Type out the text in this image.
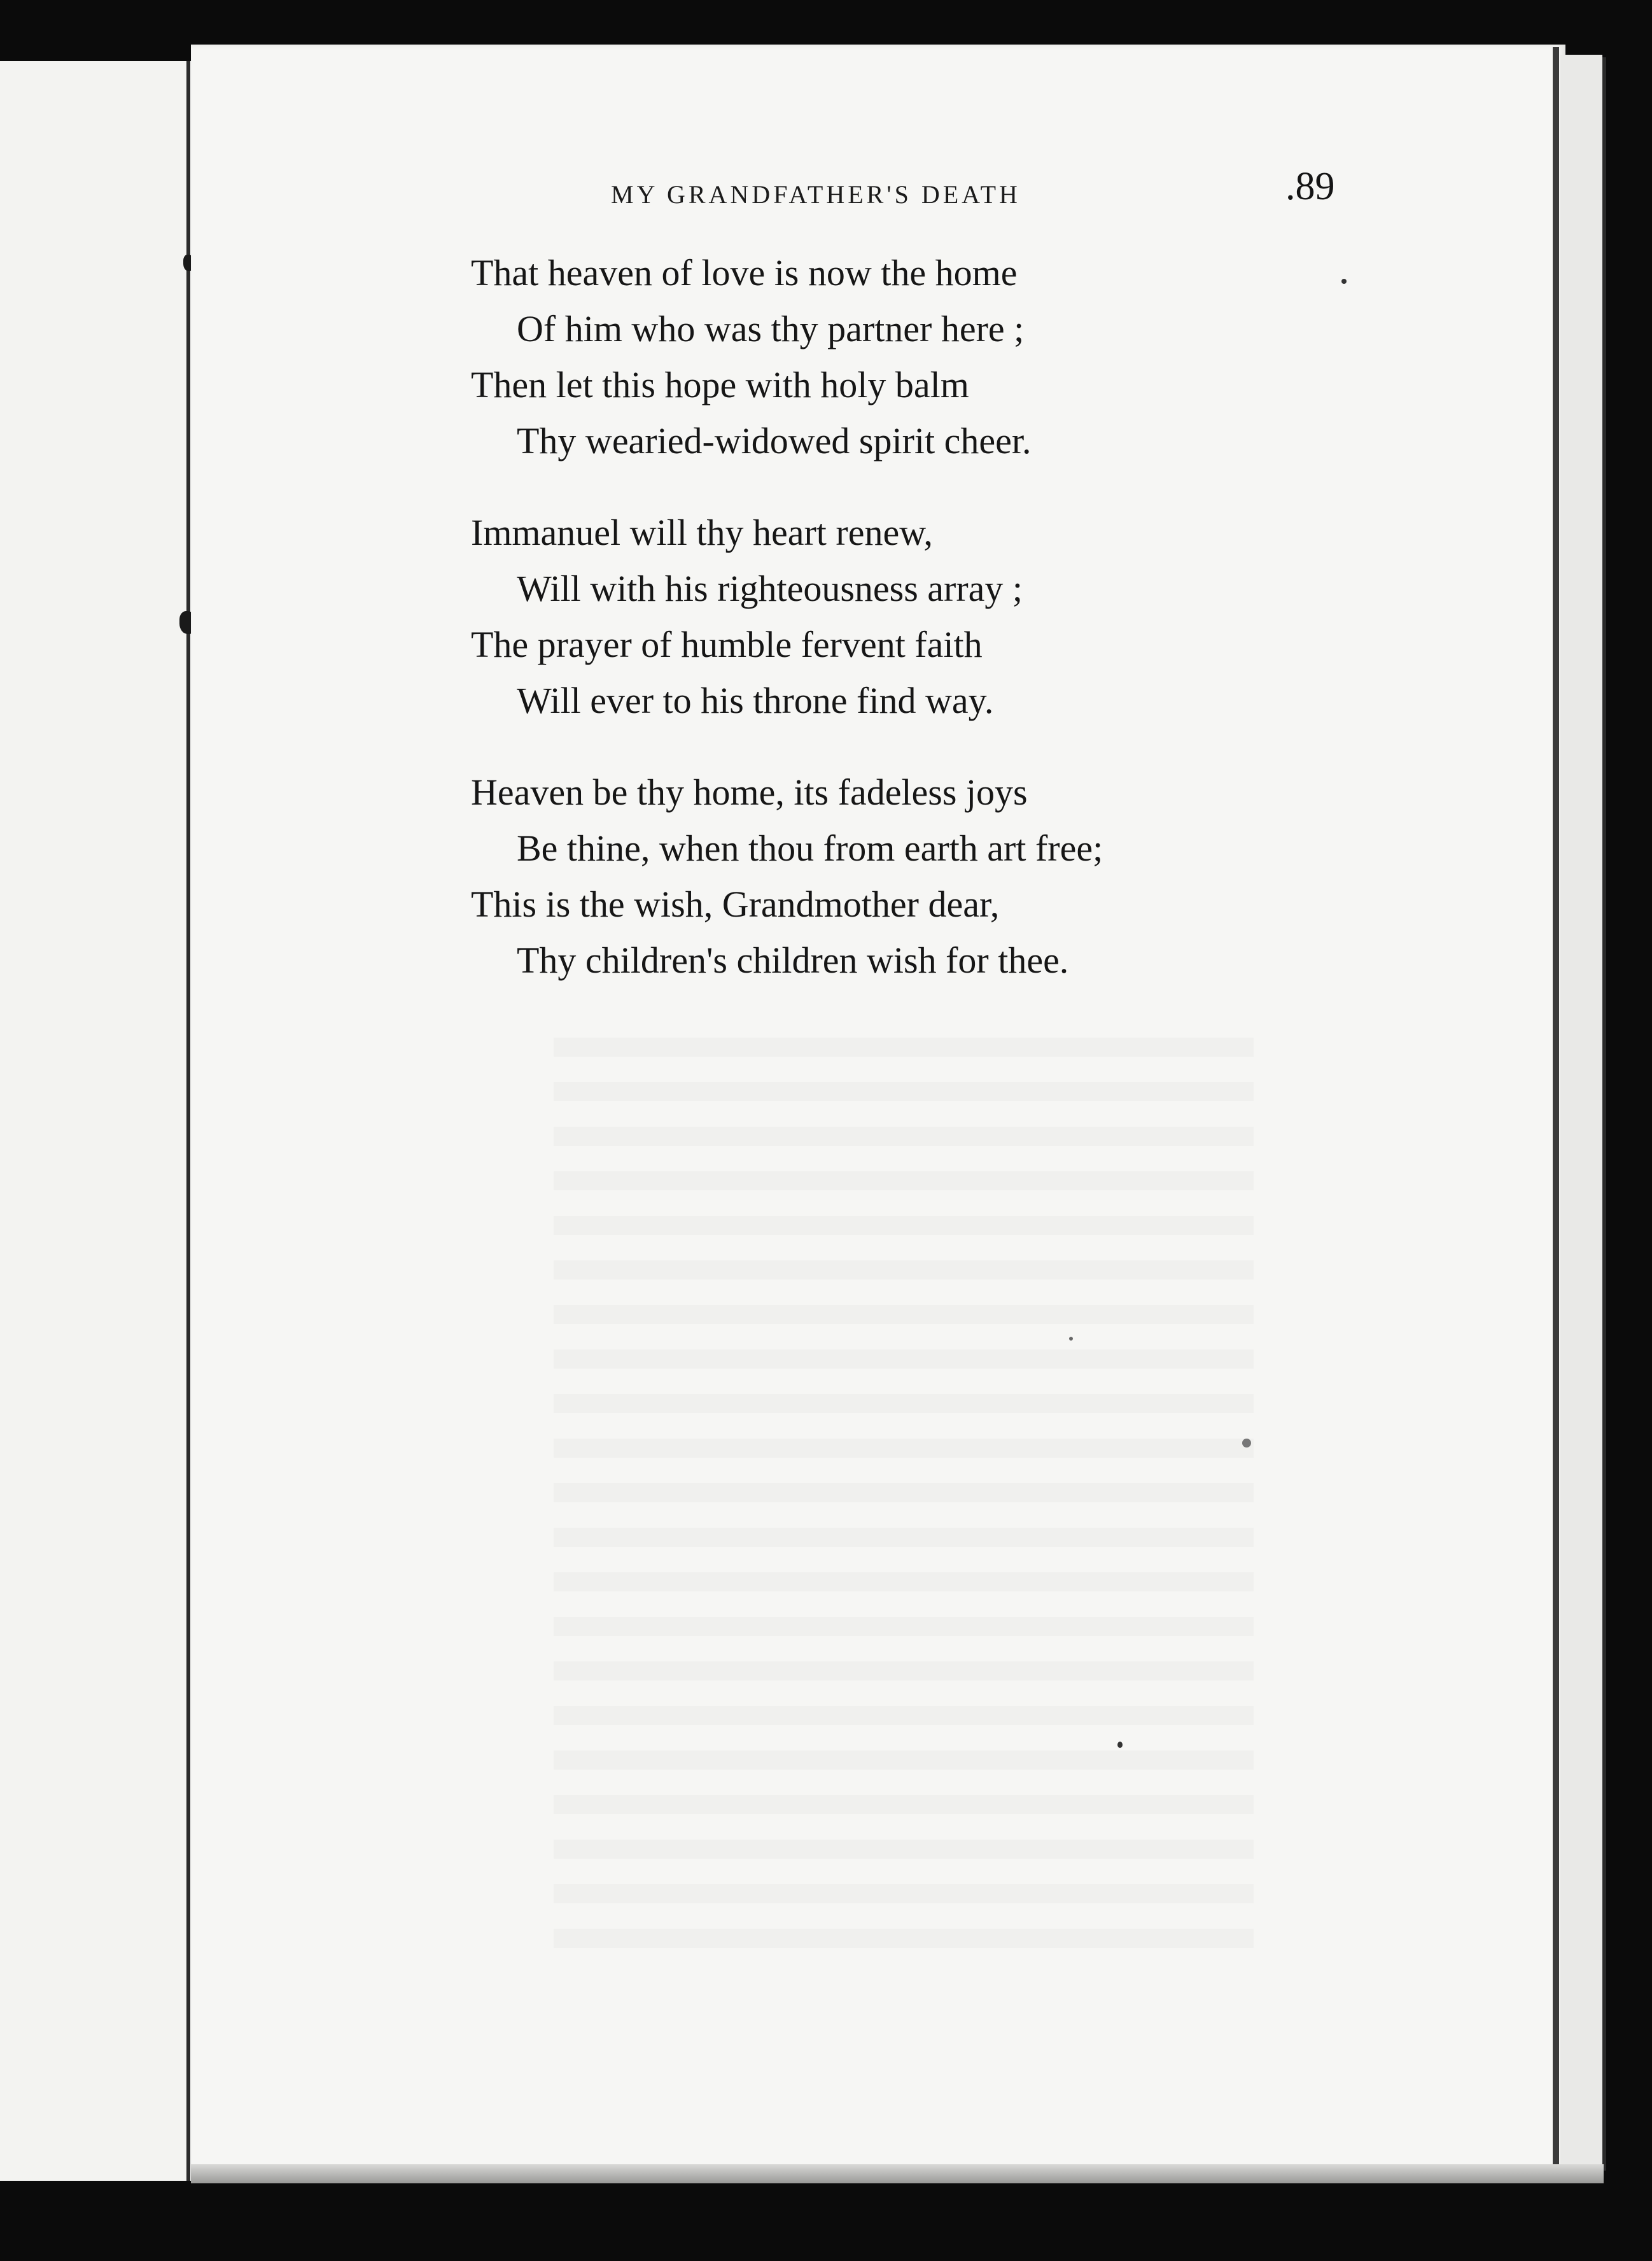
MY GRANDFATHER'S DEATH	.89
That heaven of love is now the home
Of him who was thy partner here ;
Then let this hope with holy balm
Thy wearied-widowed spirit cheer.
Immanuel will thy heart renew,
Will with his righteousness array ;
The prayer of humble fervent faith
Will ever to his throne find way.
Heaven be thy home, its fadeless joys
Be thine, when thou from earth art free;
This is the wish, Grandmother dear,
Thy children's children wish for thee.
